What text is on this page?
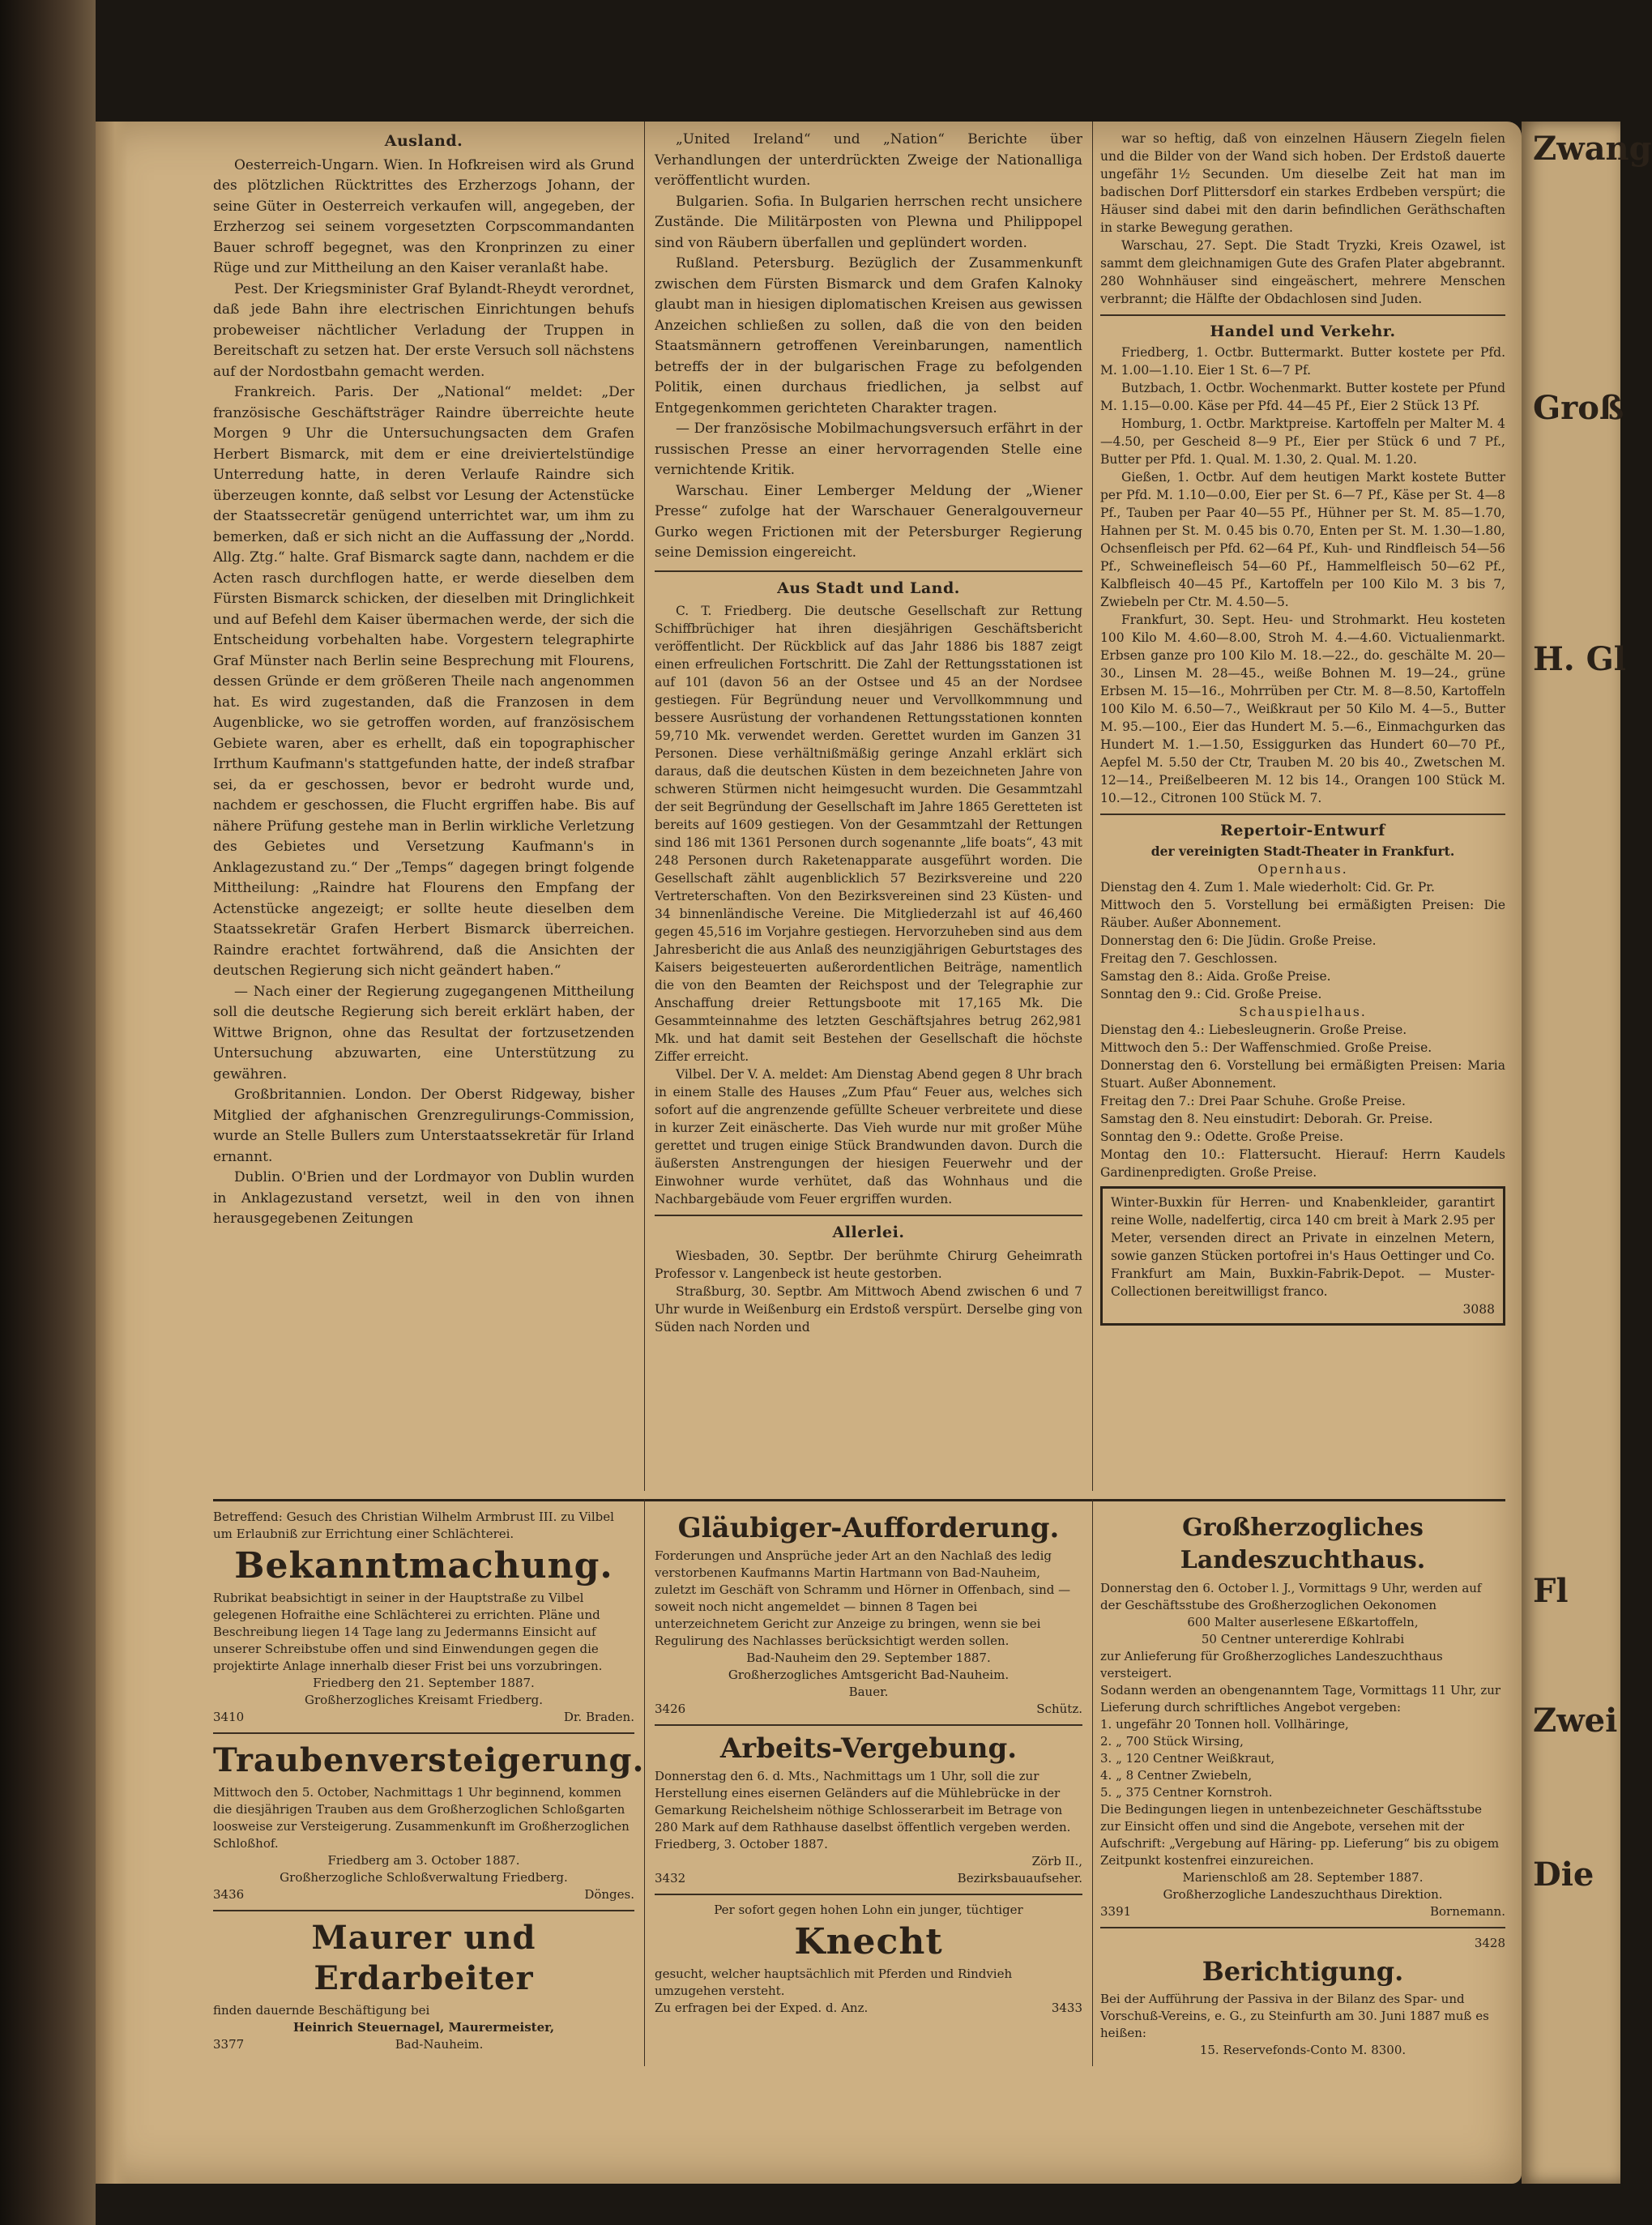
Ausland.

Oesterreich-Ungarn. Wien. In Hofkreisen wird als Grund des plötzlichen Rücktrittes des Erzherzogs Johann, der seine Güter in Oesterreich verkaufen will, angegeben, der Erzherzog sei seinem vorgesetzten Corpscommandanten Bauer schroff begegnet, was den Kronprinzen zu einer Rüge und zur Mittheilung an den Kaiser veranlaßt habe.

Pest. Der Kriegsminister Graf Bylandt-Rheydt verordnet, daß jede Bahn ihre electrischen Einrichtungen behufs probeweiser nächtlicher Verladung der Truppen in Bereitschaft zu setzen hat. Der erste Versuch soll nächstens auf der Nordostbahn gemacht werden.

Frankreich. Paris. Der „National“ meldet: „Der französische Geschäftsträger Raindre überreichte heute Morgen 9 Uhr die Untersuchungsacten dem Grafen Herbert Bismarck, mit dem er eine dreiviertelstündige Unterredung hatte, in deren Verlaufe Raindre sich überzeugen konnte, daß selbst vor Lesung der Actenstücke der Staatssecretär genügend unterrichtet war, um ihm zu bemerken, daß er sich nicht an die Auffassung der „Nordd. Allg. Ztg.“ halte. Graf Bismarck sagte dann, nachdem er die Acten rasch durchflogen hatte, er werde dieselben dem Fürsten Bismarck schicken, der dieselben mit Dringlichkeit und auf Befehl dem Kaiser übermachen werde, der sich die Entscheidung vorbehalten habe. Vorgestern telegraphirte Graf Münster nach Berlin seine Besprechung mit Flourens, dessen Gründe er dem größeren Theile nach angenommen hat. Es wird zugestanden, daß die Franzosen in dem Augenblicke, wo sie getroffen worden, auf französischem Gebiete waren, aber es erhellt, daß ein topographischer Irrthum Kaufmann's stattgefunden hatte, der indeß strafbar sei, da er geschossen, bevor er bedroht wurde und, nachdem er geschossen, die Flucht ergriffen habe. Bis auf nähere Prüfung gestehe man in Berlin wirkliche Verletzung des Gebietes und Versetzung Kaufmann's in Anklagezustand zu.“ Der „Temps“ dagegen bringt folgende Mittheilung: „Raindre hat Flourens den Empfang der Actenstücke angezeigt; er sollte heute dieselben dem Staatssekretär Grafen Herbert Bismarck überreichen. Raindre erachtet fortwährend, daß die Ansichten der deutschen Regierung sich nicht geändert haben.“

— Nach einer der Regierung zugegangenen Mittheilung soll die deutsche Regierung sich bereit erklärt haben, der Wittwe Brignon, ohne das Resultat der fortzusetzenden Untersuchung abzuwarten, eine Unterstützung zu gewähren.

Großbritannien. London. Der Oberst Ridgeway, bisher Mitglied der afghanischen Grenzregulirungs-Commission, wurde an Stelle Bullers zum Unterstaatssekretär für Irland ernannt.

Dublin. O'Brien und der Lordmayor von Dublin wurden in Anklagezustand versetzt, weil in den von ihnen herausgegebenen Zeitungen

„United Ireland“ und „Nation“ Berichte über Verhandlungen der unterdrückten Zweige der Nationalliga veröffentlicht wurden.

Bulgarien. Sofia. In Bulgarien herrschen recht unsichere Zustände. Die Militärposten von Plewna und Philippopel sind von Räubern überfallen und geplündert worden.

Rußland. Petersburg. Bezüglich der Zusammenkunft zwischen dem Fürsten Bismarck und dem Grafen Kalnoky glaubt man in hiesigen diplomatischen Kreisen aus gewissen Anzeichen schließen zu sollen, daß die von den beiden Staatsmännern getroffenen Vereinbarungen, namentlich betreffs der in der bulgarischen Frage zu befolgenden Politik, einen durchaus friedlichen, ja selbst auf Entgegenkommen gerichteten Charakter tragen.

— Der französische Mobilmachungsversuch erfährt in der russischen Presse an einer hervorragenden Stelle eine vernichtende Kritik.

Warschau. Einer Lemberger Meldung der „Wiener Presse“ zufolge hat der Warschauer Generalgouverneur Gurko wegen Frictionen mit der Petersburger Regierung seine Demission eingereicht.

Aus Stadt und Land.

C. T. Friedberg. Die deutsche Gesellschaft zur Rettung Schiffbrüchiger hat ihren diesjährigen Geschäftsbericht veröffentlicht. Der Rückblick auf das Jahr 1886 bis 1887 zeigt einen erfreulichen Fortschritt. Die Zahl der Rettungsstationen ist auf 101 (davon 56 an der Ostsee und 45 an der Nordsee gestiegen. Für Begründung neuer und Vervollkommnung und bessere Ausrüstung der vorhandenen Rettungsstationen konnten 59,710 Mk. verwendet werden. Gerettet wurden im Ganzen 31 Personen. Diese verhältnißmäßig geringe Anzahl erklärt sich daraus, daß die deutschen Küsten in dem bezeichneten Jahre von schweren Stürmen nicht heimgesucht wurden. Die Gesammtzahl der seit Begründung der Gesellschaft im Jahre 1865 Geretteten ist bereits auf 1609 gestiegen. Von der Gesammtzahl der Rettungen sind 186 mit 1361 Personen durch sogenannte „life boats“, 43 mit 248 Personen durch Raketenapparate ausgeführt worden. Die Gesellschaft zählt augenblicklich 57 Bezirksvereine und 220 Vertreterschaften. Von den Bezirksvereinen sind 23 Küsten- und 34 binnenländische Vereine. Die Mitgliederzahl ist auf 46,460 gegen 45,516 im Vorjahre gestiegen. Hervorzuheben sind aus dem Jahresbericht die aus Anlaß des neunzigjährigen Geburtstages des Kaisers beigesteuerten außerordentlichen Beiträge, namentlich die von den Beamten der Reichspost und der Telegraphie zur Anschaffung dreier Rettungsboote mit 17,165 Mk. Die Gesammteinnahme des letzten Geschäftsjahres betrug 262,981 Mk. und hat damit seit Bestehen der Gesellschaft die höchste Ziffer erreicht.

Vilbel. Der V. A. meldet: Am Dienstag Abend gegen 8 Uhr brach in einem Stalle des Hauses „Zum Pfau“ Feuer aus, welches sich sofort auf die angrenzende gefüllte Scheuer verbreitete und diese in kurzer Zeit einäscherte. Das Vieh wurde nur mit großer Mühe gerettet und trugen einige Stück Brandwunden davon. Durch die äußersten Anstrengungen der hiesigen Feuerwehr und der Einwohner wurde verhütet, daß das Wohnhaus und die Nachbargebäude vom Feuer ergriffen wurden.

Allerlei.

Wiesbaden, 30. Septbr. Der berühmte Chirurg Geheimrath Professor v. Langenbeck ist heute gestorben.

Straßburg, 30. Septbr. Am Mittwoch Abend zwischen 6 und 7 Uhr wurde in Weißenburg ein Erdstoß verspürt. Derselbe ging von Süden nach Norden und

war so heftig, daß von einzelnen Häusern Ziegeln fielen und die Bilder von der Wand sich hoben. Der Erdstoß dauerte ungefähr 1½ Secunden. Um dieselbe Zeit hat man im badischen Dorf Plittersdorf ein starkes Erdbeben verspürt; die Häuser sind dabei mit den darin befindlichen Geräthschaften in starke Bewegung gerathen.

Warschau, 27. Sept. Die Stadt Tryzki, Kreis Ozawel, ist sammt dem gleichnamigen Gute des Grafen Plater abgebrannt. 280 Wohnhäuser sind eingeäschert, mehrere Menschen verbrannt; die Hälfte der Obdachlosen sind Juden.

Handel und Verkehr.

Friedberg, 1. Octbr. Buttermarkt. Butter kostete per Pfd. M. 1.00—1.10. Eier 1 St. 6—7 Pf.

Butzbach, 1. Octbr. Wochenmarkt. Butter kostete per Pfund M. 1.15—0.00. Käse per Pfd. 44—45 Pf., Eier 2 Stück 13 Pf.

Homburg, 1. Octbr. Marktpreise. Kartoffeln per Malter M. 4—4.50, per Gescheid 8—9 Pf., Eier per Stück 6 und 7 Pf., Butter per Pfd. 1. Qual. M. 1.30, 2. Qual. M. 1.20.

Gießen, 1. Octbr. Auf dem heutigen Markt kostete Butter per Pfd. M. 1.10—0.00, Eier per St. 6—7 Pf., Käse per St. 4—8 Pf., Tauben per Paar 40—55 Pf., Hühner per St. M. 85—1.70, Hahnen per St. M. 0.45 bis 0.70, Enten per St. M. 1.30—1.80, Ochsenfleisch per Pfd. 62—64 Pf., Kuh- und Rindfleisch 54—56 Pf., Schweinefleisch 54—60 Pf., Hammelfleisch 50—62 Pf., Kalbfleisch 40—45 Pf., Kartoffeln per 100 Kilo M. 3 bis 7, Zwiebeln per Ctr. M. 4.50—5.

Frankfurt, 30. Sept. Heu- und Strohmarkt. Heu kosteten 100 Kilo M. 4.60—8.00, Stroh M. 4.—4.60. Victualienmarkt. Erbsen ganze pro 100 Kilo M. 18.—22., do. geschälte M. 20—30., Linsen M. 28—45., weiße Bohnen M. 19—24., grüne Erbsen M. 15—16., Mohrrüben per Ctr. M. 8—8.50, Kartoffeln 100 Kilo M. 6.50—7., Weißkraut per 50 Kilo M. 4—5., Butter M. 95.—100., Eier das Hundert M. 5.—6., Einmachgurken das Hundert M. 1.—1.50, Essiggurken das Hundert 60—70 Pf., Aepfel M. 5.50 der Ctr, Trauben M. 20 bis 40., Zwetschen M. 12—14., Preißelbeeren M. 12 bis 14., Orangen 100 Stück M. 10.—12., Citronen 100 Stück M. 7.

Repertoir-Entwurf
der vereinigten Stadt-Theater in Frankfurt.
Opernhaus.
Dienstag den 4. Zum 1. Male wiederholt: Cid. Gr. Pr.
Mittwoch den 5. Vorstellung bei ermäßigten Preisen: Die Räuber. Außer Abonnement.
Donnerstag den 6: Die Jüdin. Große Preise.
Freitag den 7. Geschlossen.
Samstag den 8.: Aida. Große Preise.
Sonntag den 9.: Cid. Große Preise.
Schauspielhaus.
Dienstag den 4.: Liebesleugnerin. Große Preise.
Mittwoch den 5.: Der Waffenschmied. Große Preise.
Donnerstag den 6. Vorstellung bei ermäßigten Preisen: Maria Stuart. Außer Abonnement.
Freitag den 7.: Drei Paar Schuhe. Große Preise.
Samstag den 8. Neu einstudirt: Deborah. Gr. Preise.
Sonntag den 9.: Odette. Große Preise.
Montag den 10.: Flattersucht. Hierauf: Herrn Kaudels Gardinenpredigten. Große Preise.
Winter-Buxkin für Herren- und Knabenkleider, garantirt reine Wolle, nadelfertig, circa 140 cm breit à Mark 2.95 per Meter, versenden direct an Private in einzelnen Metern, sowie ganzen Stücken portofrei in's Haus Oettinger und Co. Frankfurt am Main, Buxkin-Fabrik-Depot. — Muster-Collectionen bereitwilligst franco.
3088

Betreffend: Gesuch des Christian Wilhelm Armbrust III. zu Vilbel um Erlaubniß zur Errichtung einer Schlächterei.

Bekanntmachung.

Rubrikat beabsichtigt in seiner in der Hauptstraße zu Vilbel gelegenen Hofraithe eine Schlächterei zu errichten. Pläne und Beschreibung liegen 14 Tage lang zu Jedermanns Einsicht auf unserer Schreibstube offen und sind Einwendungen gegen die projektirte Anlage innerhalb dieser Frist bei uns vorzubringen.

Friedberg den 21. September 1887.

Großherzogliches Kreisamt Friedberg.

3410	Dr. Braden.

Traubenversteigerung.

Mittwoch den 5. October, Nachmittags 1 Uhr beginnend, kommen die diesjährigen Trauben aus dem Großherzoglichen Schloßgarten loosweise zur Versteigerung. Zusammenkunft im Großherzoglichen Schloßhof.

Friedberg am 3. October 1887.

Großherzogliche Schloßverwaltung Friedberg.

3436	Dönges.

Maurer und Erdarbeiter

finden dauernde Beschäftigung bei

Heinrich Steuernagel, Maurermeister,

3377	Bad-Nauheim.

Gläubiger-Aufforderung.

Forderungen und Ansprüche jeder Art an den Nachlaß des ledig verstorbenen Kaufmanns Martin Hartmann von Bad-Nauheim, zuletzt im Geschäft von Schramm und Hörner in Offenbach, sind — soweit noch nicht angemeldet — binnen 8 Tagen bei unterzeichnetem Gericht zur Anzeige zu bringen, wenn sie bei Regulirung des Nachlasses berücksichtigt werden sollen.

Bad-Nauheim den 29. September 1887.

Großherzogliches Amtsgericht Bad-Nauheim.

Bauer.

3426	Schütz.

Arbeits-Vergebung.

Donnerstag den 6. d. Mts., Nachmittags um 1 Uhr, soll die zur Herstellung eines eisernen Geländers auf die Mühlebrücke in der Gemarkung Reichelsheim nöthige Schlosserarbeit im Betrage von 280 Mark auf dem Rathhause daselbst öffentlich vergeben werden.

Friedberg, 3. October 1887.

Zörb II.,

3432	Bezirksbauaufseher.

Per sofort gegen hohen Lohn ein junger, tüchtiger

Knecht

gesucht, welcher hauptsächlich mit Pferden und Rindvieh umzugehen versteht.

Zu erfragen bei der Exped. d. Anz.	3433

Großherzogliches Landeszuchthaus.

Donnerstag den 6. October l. J., Vormittags 9 Uhr, werden auf der Geschäftsstube des Großherzoglichen Oekonomen

600 Malter auserlesene Eßkartoffeln,

50 Centner untererdige Kohlrabi

zur Anlieferung für Großherzogliches Landeszuchthaus versteigert.

Sodann werden an obengenanntem Tage, Vormittags 11 Uhr, zur Lieferung durch schriftliches Angebot vergeben:

1. ungefähr 20 Tonnen holl. Vollhäringe,

2. „ 700 Stück Wirsing,

3. „ 120 Centner Weißkraut,

4. „ 8 Centner Zwiebeln,

5. „ 375 Centner Kornstroh.

Die Bedingungen liegen in untenbezeichneter Geschäftsstube zur Einsicht offen und sind die Angebote, versehen mit der Aufschrift: „Vergebung auf Häring- pp. Lieferung“ bis zu obigem Zeitpunkt kostenfrei einzureichen.

Marienschloß am 28. September 1887.

Großherzogliche Landeszuchthaus Direktion.

3391	Bornemann.

3428

Berichtigung.

Bei der Aufführung der Passiva in der Bilanz des Spar- und Vorschuß-Vereins, e. G., zu Steinfurth am 30. Juni 1887 muß es heißen:

15. Reservefonds-Conto M. 8300.

Zwang
Groß
H. Gl
Fl
Zwei
Die
